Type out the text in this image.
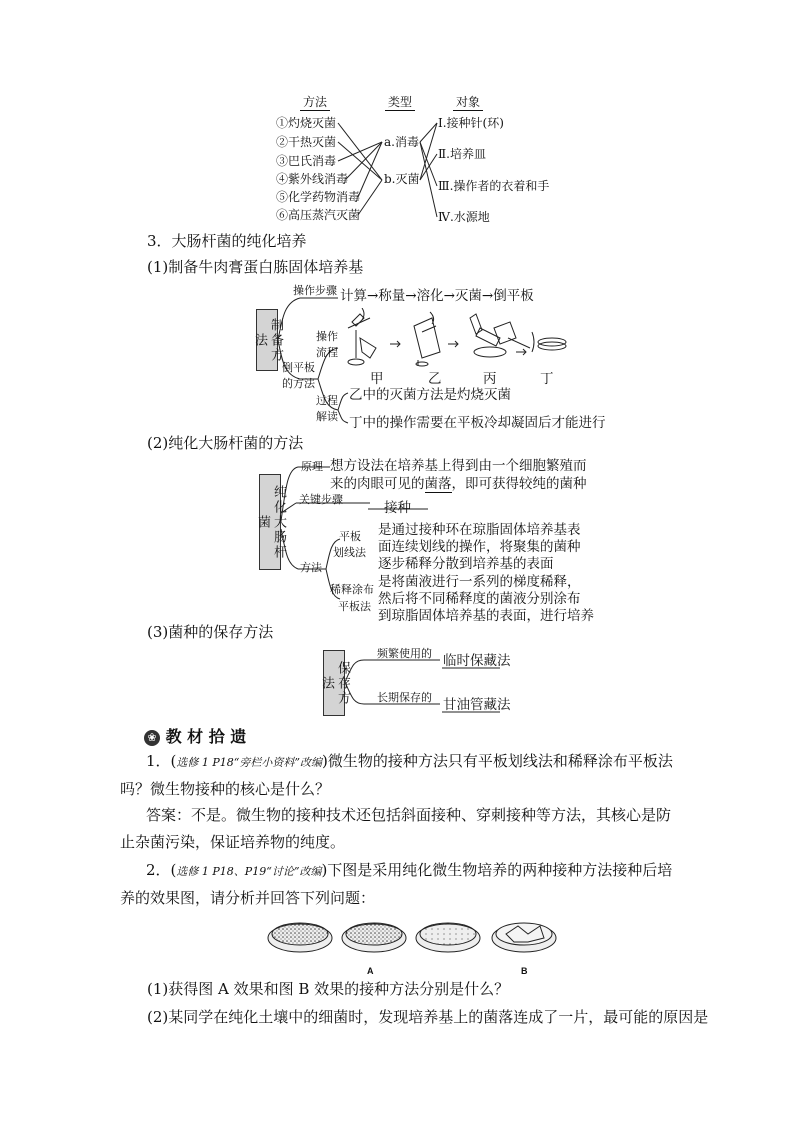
方法	类型	对象
①灼烧灭菌
②干热灭菌
③巴氏消毒
④紫外线消毒
⑤化学药物消毒
⑥高压蒸汽灭菌
a.消毒
b.灭菌
Ⅰ.接种针(环)
Ⅱ.培养皿
Ⅲ.操作者的衣着和手
Ⅳ.水源地
3．大肠杆菌的纯化培养
(1)制备牛肉膏蛋白胨固体培养基
制备方法
操作步骤 计算→称量→溶化→灭菌→倒平板
倒平板
的方法
操作
流程
甲	乙	丙	丁
过程
解读
乙中的灭菌方法是灼烧灭菌
丁中的操作需要在平板冷却凝固后才能进行
(2)纯化大肠杆菌的方法
纯化大肠杆菌
原理 想方设法在培养基上得到由一个细胞繁殖而
来的肉眼可见的菌落，即可获得较纯的菌种
关键步骤
接种
方法
平板
划线法
是通过接种环在琼脂固体培养基表
面连续划线的操作，将聚集的菌种
逐步稀释分散到培养基的表面
稀释涂布
平板法
是将菌液进行一系列的梯度稀释，
然后将不同稀释度的菌液分别涂布
到琼脂固体培养基的表面，进行培养
(3)菌种的保存方法
保存方法
频繁使用的 临时保藏法
长期保存的 甘油管藏法
❀ 教 材 拾 遗
1．(选修 1 P18“旁栏小资料”改编)微生物的接种方法只有平板划线法和稀释涂布平板法吗？微生物接种的核心是什么？
答案：不是。微生物的接种技术还包括斜面接种、穿刺接种等方法，其核心是防止杂菌污染，保证培养物的纯度。
2．(选修 1 P18、P19“讨论”改编)下图是采用纯化微生物培养的两种接种方法接种后培养的效果图，请分析并回答下列问题：
A	B
(1)获得图 A 效果和图 B 效果的接种方法分别是什么？
(2)某同学在纯化土壤中的细菌时，发现培养基上的菌落连成了一片，最可能的原因是
